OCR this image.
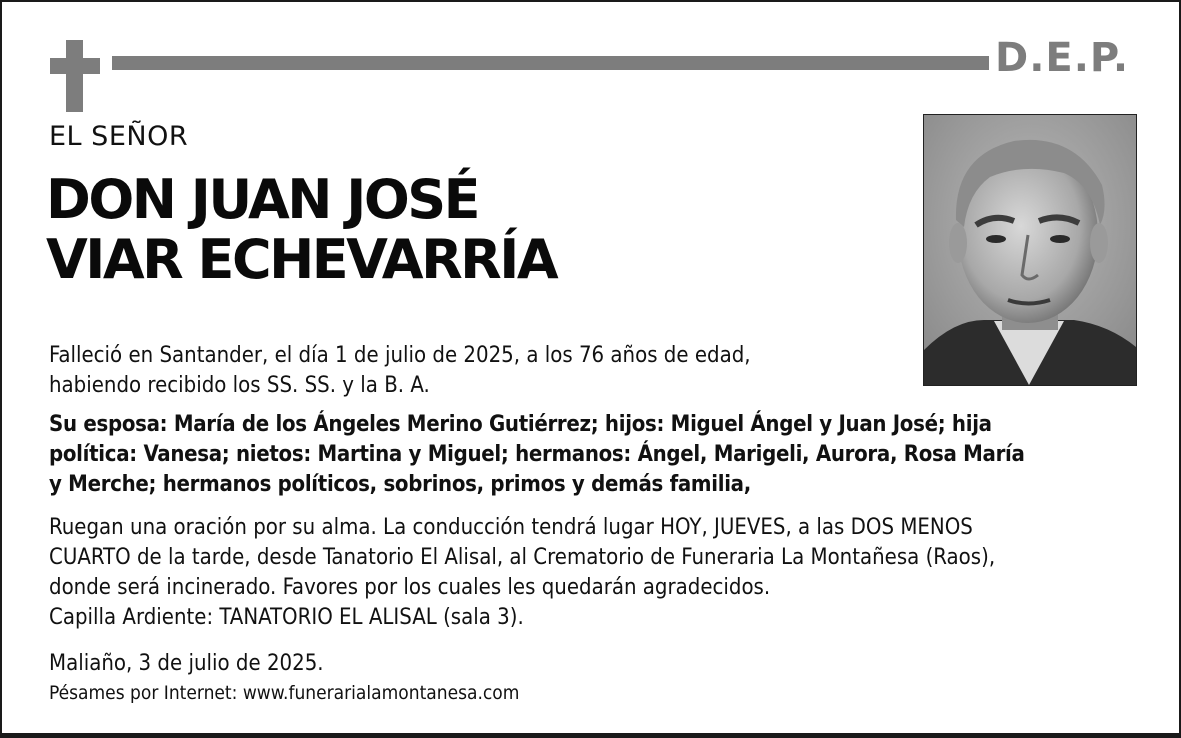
D.E.P.
EL SEÑOR
DON JUAN JOSÉ
VIAR ECHEVARRÍA
Falleció en Santander, el día 1 de julio de 2025, a los 76 años de edad,
habiendo recibido los SS. SS. y la B. A.
Su esposa: María de los Ángeles Merino Gutiérrez; hijos: Miguel Ángel y Juan José; hija
política: Vanesa; nietos: Martina y Miguel; hermanos: Ángel, Marigeli, Aurora, Rosa María
y Merche; hermanos políticos, sobrinos, primos y demás familia,
Ruegan una oración por su alma. La conducción tendrá lugar HOY, JUEVES, a las DOS MENOS
CUARTO de la tarde, desde Tanatorio El Alisal, al Crematorio de Funeraria La Montañesa (Raos),
donde será incinerado. Favores por los cuales les quedarán agradecidos.
Capilla Ardiente: TANATORIO EL ALISAL (sala 3).
Maliaño, 3 de julio de 2025.
Pésames por Internet: www.funerarialamontanesa.com
